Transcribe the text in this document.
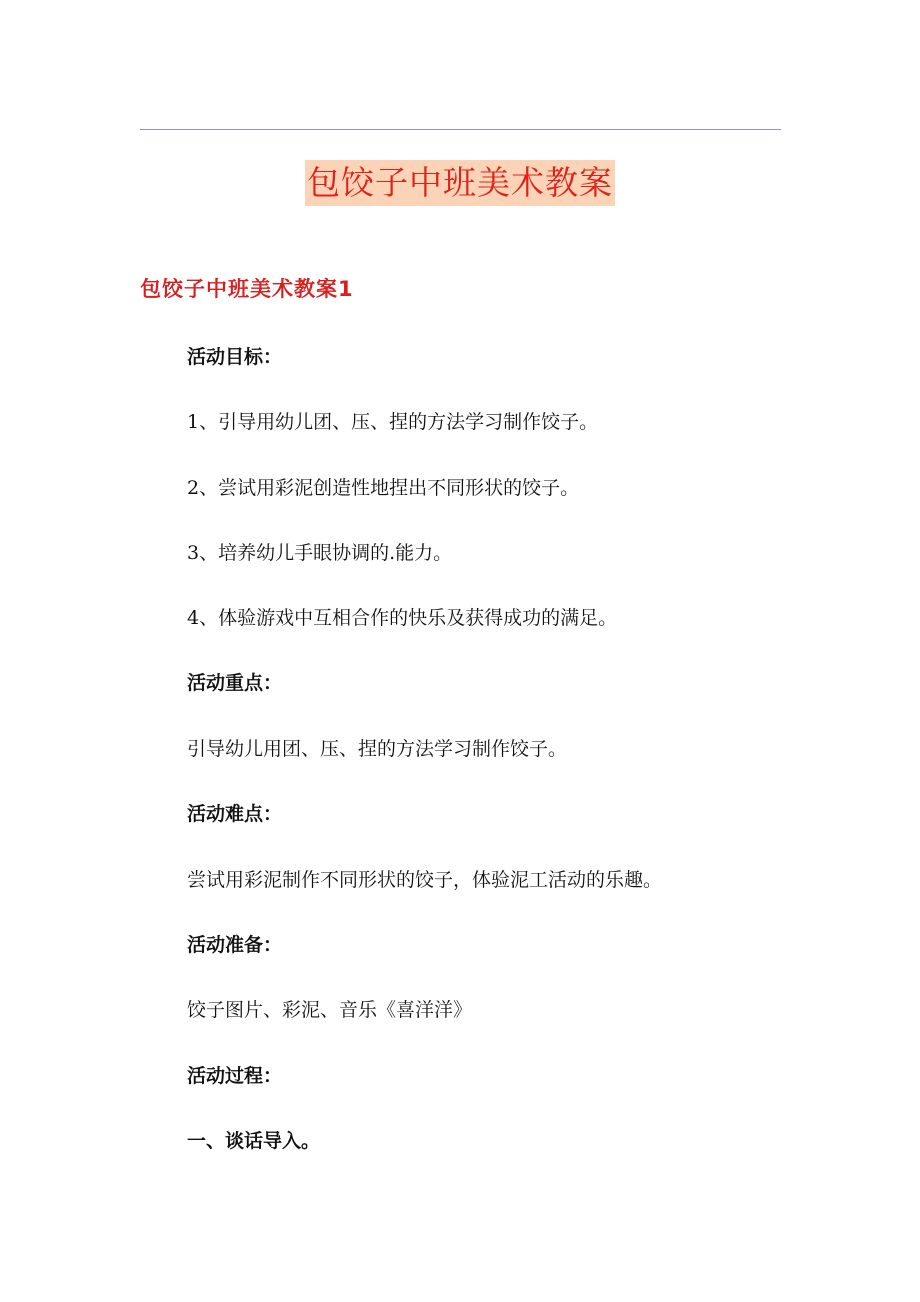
包饺子中班美术教案
包饺子中班美术教案1
活动目标：
1、引导用幼儿团、压、捏的方法学习制作饺子。
2、尝试用彩泥创造性地捏出不同形状的饺子。
3、培养幼儿手眼协调的.能力。
4、体验游戏中互相合作的快乐及获得成功的满足。
活动重点：
引导幼儿用团、压、捏的方法学习制作饺子。
活动难点：
尝试用彩泥制作不同形状的饺子，体验泥工活动的乐趣。
活动准备：
饺子图片、彩泥、音乐《喜洋洋》
活动过程：
一、谈话导入。
